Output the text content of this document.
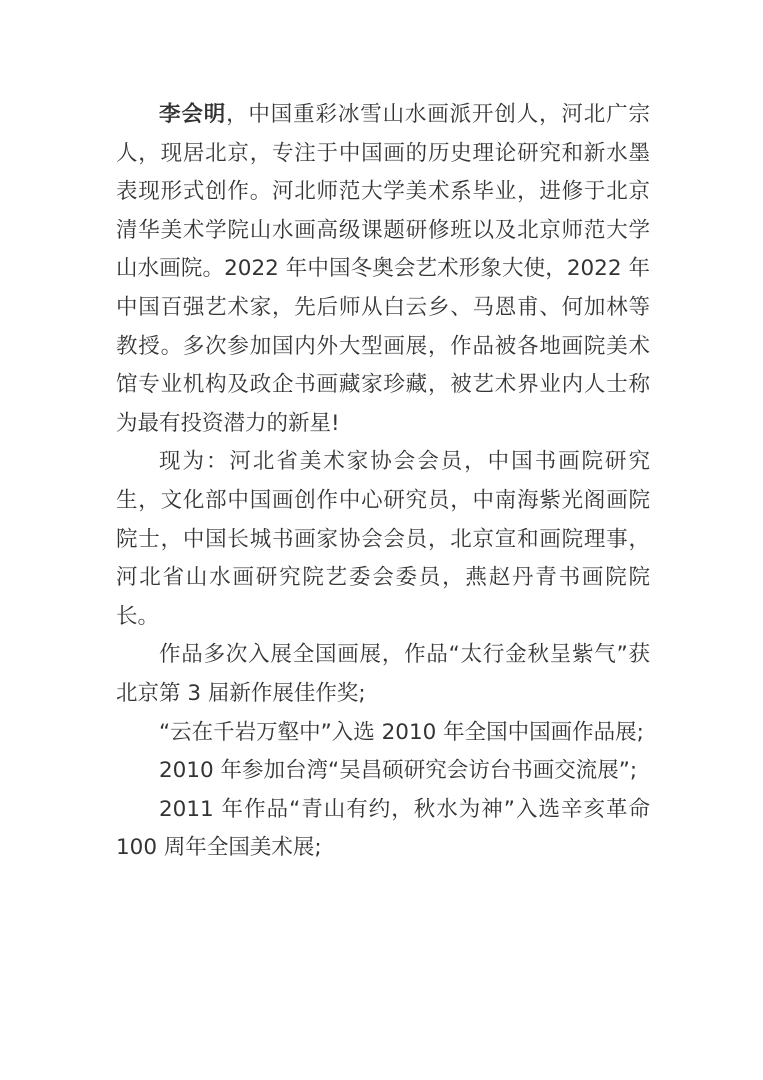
李会明，中国重彩冰雪山水画派开创人，河北广宗人，现居北京，专注于中国画的历史理论研究和新水墨表现形式创作。河北师范大学美术系毕业，进修于北京清华美术学院山水画高级课题研修班以及北京师范大学山水画院。2022 年中国冬奥会艺术形象大使，2022 年中国百强艺术家，先后师从白云乡、马恩甫、何加林等教授。多次参加国内外大型画展，作品被各地画院美术馆专业机构及政企书画藏家珍藏，被艺术界业内人士称为最有投资潜力的新星!

现为：河北省美术家协会会员，中国书画院研究生，文化部中国画创作中心研究员，中南海紫光阁画院院士，中国长城书画家协会会员，北京宣和画院理事，河北省山水画研究院艺委会委员，燕赵丹青书画院院长。

作品多次入展全国画展，作品“太行金秋呈紫气”获北京第 3 届新作展佳作奖;

“云在千岩万壑中”入选 2010 年全国中国画作品展;

2010 年参加台湾“吴昌硕研究会访台书画交流展”;

2011 年作品“青山有约，秋水为神”入选辛亥革命 100 周年全国美术展;
